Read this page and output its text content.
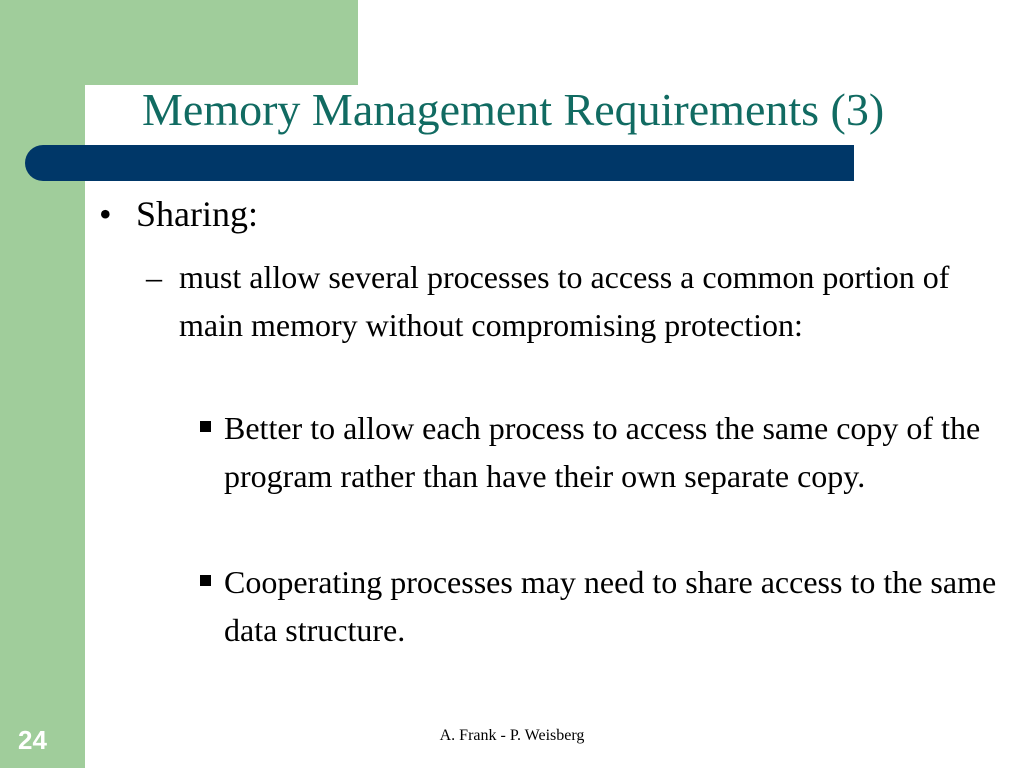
Memory Management Requirements (3)
• Sharing:
– must allow several processes to access a common portion of main memory without compromising protection:
Better to allow each process to access the same copy of the program rather than have their own separate copy.
Cooperating processes may need to share access to the same data structure.
24	A. Frank - P. Weisberg
